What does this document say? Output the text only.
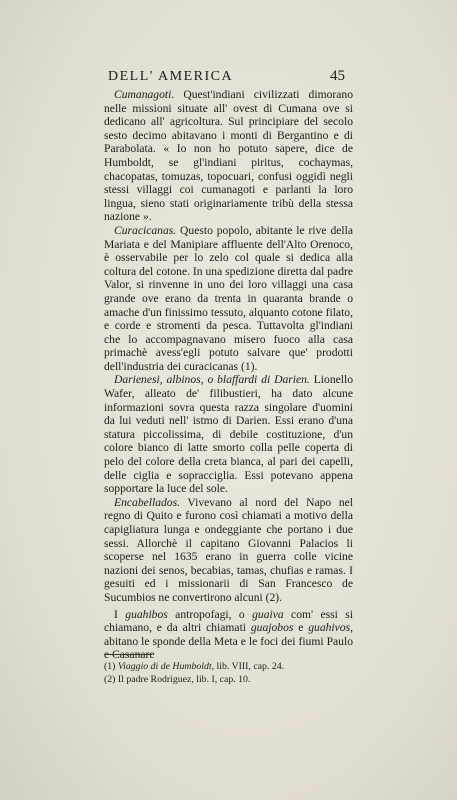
DELL' AMERICA	45

Cumanagoti. Quest'indiani civilizzati dimorano nelle missioni situate all' ovest di Cumana ove si dedicano all' agricoltura. Sul principiare del secolo sesto decimo abitavano i monti di Bergantino e di Parabolata. « Io non ho potuto sapere, dice de Humboldt, se gl'indiani piritus, cochaymas, chacopatas, tomuzas, topocuari, confusi oggidì negli stessi villaggi coi cumanagoti e parlanti la loro lingua, sieno stati originariamente tribù della stessa nazione ».

Curacicanas. Questo popolo, abitante le rive della Mariata e del Manipiare affluente dell'Alto Orenoco, è osservabile per lo zelo col quale si dedica alla coltura del cotone. In una spedizione diretta dal padre Valor, si rinvenne in uno dei loro villaggi una casa grande ove erano da trenta in quaranta brande o amache d'un finissimo tessuto, alquanto cotone filato, e corde e stromenti da pesca. Tuttavolta gl'indiani che lo accompagnavano misero fuoco alla casa primachè avess'egli potuto salvare que' prodotti dell'industria dei curacicanas (1).

Darienesi, albinos, o blaffardi di Darien. Lionello Wafer, alleato de' filibustieri, ha dato alcune informazioni sovra questa razza singolare d'uomini da lui veduti nell' istmo di Darien. Essi erano d'una statura piccolissima, di debile costituzione, d'un colore bianco di latte smorto colla pelle coperta di pelo del colore della creta bianca, al pari dei capelli, delle ciglia e sopracciglia. Essi potevano appena sopportare la luce del sole.

Encabellados. Vivevano al nord del Napo nel regno di Quito e furono così chiamati a motivo della capigliatura lunga e ondeggiante che portano i due sessi. Allorchè il capitano Giovanni Palacios li scoperse nel 1635 erano in guerra colle vicine nazioni dei senos, becabias, tamas, chufias e ramas. I gesuiti ed i missionarii di San Francesco de Sucumbios ne convertirono alcuni (2).

I guahibos antropofagi, o guaiva com' essi si chiamano, e da altri chiamati guajobos e guahivos, abitano le sponde della Meta e le foci dei fiumi Paulo e Casanare

(1) Viaggio di de Humboldt, lib. VIII, cap. 24.
(2) Il padre Rodriguez, lib. I, cap. 10.
